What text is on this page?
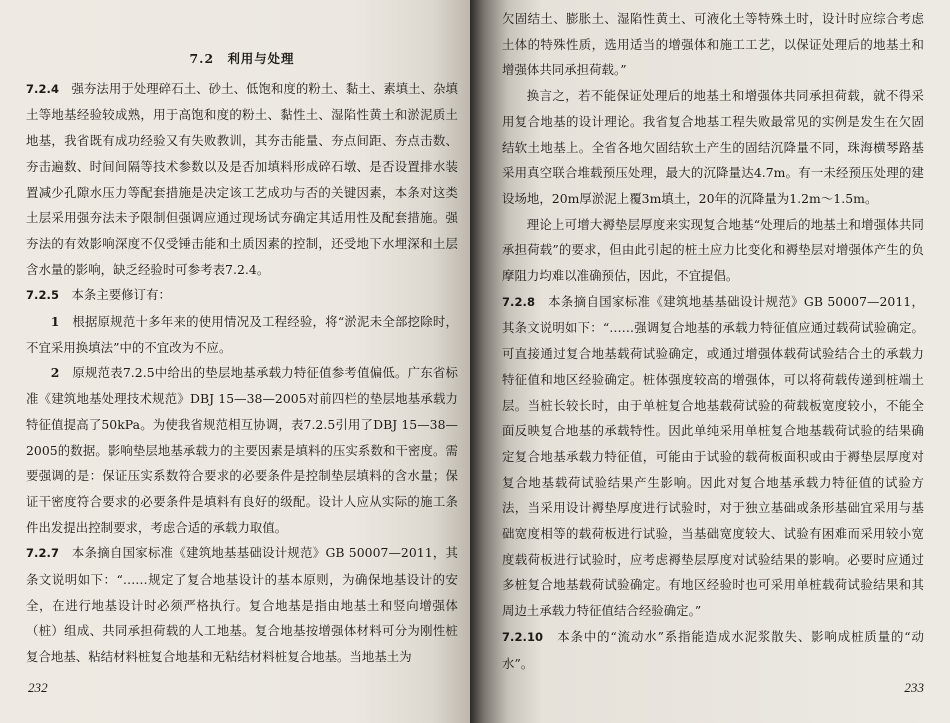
7.2　利用与处理

7.2.4　 强夯法用于处理碎石土、砂土、低饱和度的粉土、黏土、素填土、杂填土等地基经验较成熟，用于高饱和度的粉土、黏性土、湿陷性黄土和淤泥质土地基，我省既有成功经验又有失败教训，其夯击能量、夯点间距、夯点击数、夯击遍数、时间间隔等技术参数以及是否加填料形成碎石墩、是否设置排水装置减少孔隙水压力等配套措施是决定该工艺成功与否的关键因素，本条对这类土层采用强夯法未予限制但强调应通过现场试夯确定其适用性及配套措施。强夯法的有效影响深度不仅受锤击能和土质因素的控制，还受地下水埋深和土层含水量的影响，缺乏经验时可参考表7.2.4。

7.2.5　 本条主要修订有：

1　 根据原规范十多年来的使用情况及工程经验，将“淤泥未全部挖除时，不宜采用换填法”中的不宜改为不应。

2　 原规范表7.2.5中给出的垫层地基承载力特征值参考值偏低。广东省标准《建筑地基处理技术规范》DBJ 15—38—2005对前四栏的垫层地基承载力特征值提高了50kPa。为使我省规范相互协调，表7.2.5引用了DBJ 15—38—2005的数据。影响垫层地基承载力的主要因素是填料的压实系数和干密度。需要强调的是：保证压实系数符合要求的必要条件是控制垫层填料的含水量；保证干密度符合要求的必要条件是填料有良好的级配。设计人应从实际的施工条件出发提出控制要求，考虑合适的承载力取值。

7.2.7　 本条摘自国家标准《建筑地基基础设计规范》GB 50007—2011，其条文说明如下：“……规定了复合地基设计的基本原则，为确保地基设计的安全，在进行地基设计时必须严格执行。复合地基是指由地基土和竖向增强体（桩）组成、共同承担荷载的人工地基。复合地基按增强体材料可分为刚性桩复合地基、粘结材料桩复合地基和无粘结材料桩复合地基。当地基土为

232

欠固结土、膨胀土、湿陷性黄土、可液化土等特殊土时，设计时应综合考虑土体的特殊性质，选用适当的增强体和施工工艺，以保证处理后的地基土和增强体共同承担荷载。”

换言之，若不能保证处理后的地基土和增强体共同承担荷载，就不得采用复合地基的设计理论。我省复合地基工程失败最常见的实例是发生在欠固结软土地基上。全省各地欠固结软土产生的固结沉降量不同，珠海横琴路基采用真空联合堆载预压处理，最大的沉降量达4.7m。有一未经预压处理的建设场地，20m厚淤泥上覆3m填土，20年的沉降量为1.2m～1.5m。

理论上可增大褥垫层厚度来实现复合地基“处理后的地基土和增强体共同承担荷载”的要求，但由此引起的桩土应力比变化和褥垫层对增强体产生的负摩阻力均难以准确预估，因此，不宜提倡。

7.2.8　 本条摘自国家标准《建筑地基基础设计规范》GB 50007—2011，其条文说明如下：“……强调复合地基的承载力特征值应通过载荷试验确定。可直接通过复合地基载荷试验确定，或通过增强体载荷试验结合土的承载力特征值和地区经验确定。桩体强度较高的增强体，可以将荷载传递到桩端土层。当桩长较长时，由于单桩复合地基载荷试验的荷载板宽度较小，不能全面反映复合地基的承载特性。因此单纯采用单桩复合地基载荷试验的结果确定复合地基承载力特征值，可能由于试验的载荷板面积或由于褥垫层厚度对复合地基载荷试验结果产生影响。因此对复合地基承载力特征值的试验方法，当采用设计褥垫厚度进行试验时，对于独立基础或条形基础宜采用与基础宽度相等的载荷板进行试验，当基础宽度较大、试验有困难而采用较小宽度载荷板进行试验时，应考虑褥垫层厚度对试验结果的影响。必要时应通过多桩复合地基载荷试验确定。有地区经验时也可采用单桩载荷试验结果和其周边土承载力特征值结合经验确定。”

7.2.10　 本条中的“流动水”系指能造成水泥浆散失、影响成桩质量的“动水”。

233
